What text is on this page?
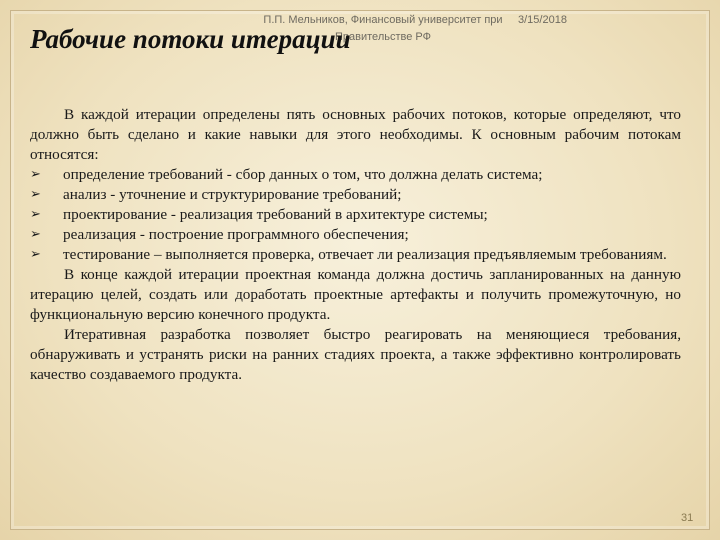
П.П. Мельников, Финансовый университет при Правительстве РФ
3/15/2018
Рабочие потоки итерации

В каждой итерации определены пять основных рабочих потоков, которые определяют, что должно быть сделано и какие навыки для этого необходимы. К основным рабочим потокам относятся:

➢ определение требований - сбор данных о том, что должна делать система;

➢ анализ - уточнение и структурирование требований;

➢ проектирование - реализация требований в архитектуре системы;

➢ реализация - построение программного обеспечения;

➢ тестирование – выполняется проверка, отвечает ли реализация предъявляемым требованиям.

В конце каждой итерации проектная команда должна достичь запланированных на данную итерацию целей, создать или доработать проектные артефакты и получить промежуточную, но функциональную версию конечного продукта.

Итеративная разработка позволяет быстро реагировать на меняющиеся требования, обнаруживать и устранять риски на ранних стадиях проекта, а также эффективно контролировать качество создаваемого продукта.

31
